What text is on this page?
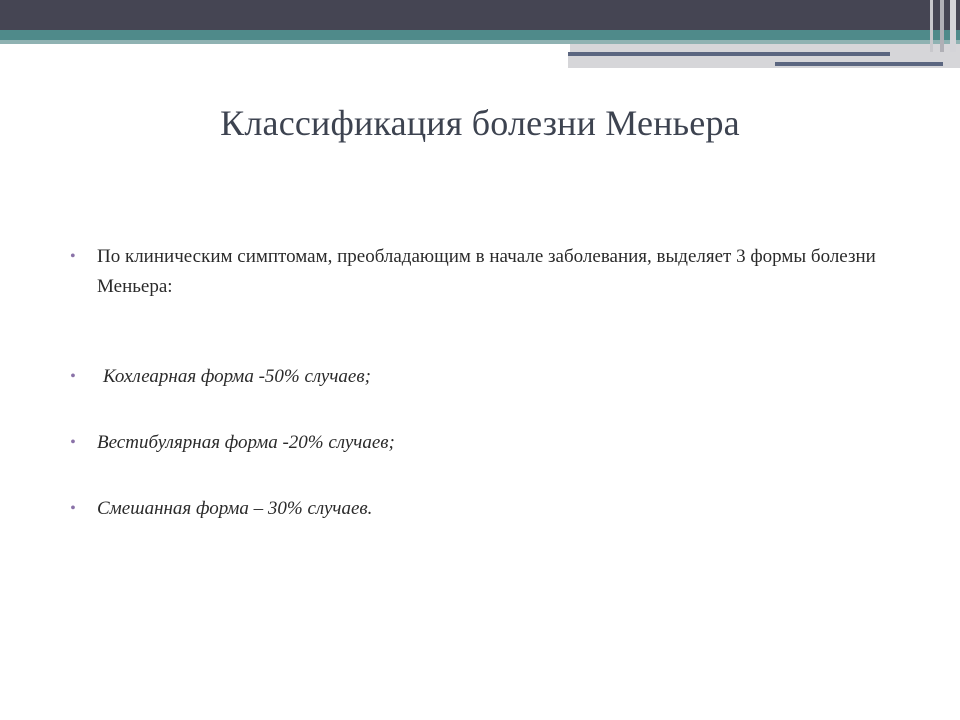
Классификация болезни Меньера
• По клиническим симптомам, преобладающим в начале заболевания, выделяет 3 формы болезни Меньера:
• Кохлеарная форма -50% случаев;
• Вестибулярная форма -20% случаев;
• Смешанная форма – 30% случаев.
